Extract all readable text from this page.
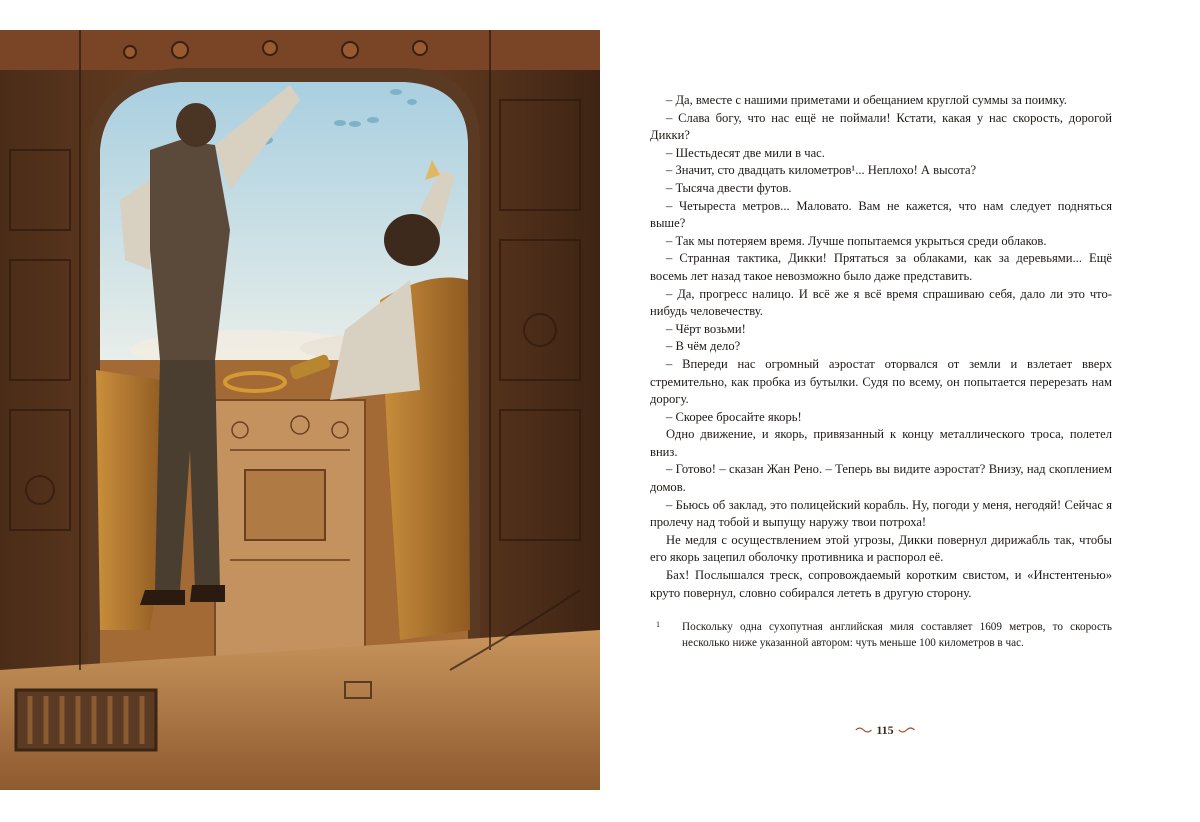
– Да, вместе с нашими приметами и обещанием круглой суммы за поимку.

– Слава богу, что нас ещё не поймали! Кстати, какая у нас скорость, дорогой Дикки?

– Шестьдесят две мили в час.

– Значит, сто двадцать километров¹... Неплохо! А высота?

– Тысяча двести футов.

– Четыреста метров... Маловато. Вам не кажется, что нам следует подняться выше?

– Так мы потеряем время. Лучше попытаемся укрыться среди облаков.

– Странная тактика, Дикки! Прятаться за облаками, как за деревьями... Ещё восемь лет назад такое невозможно было даже представить.

– Да, прогресс налицо. И всё же я всё время спрашиваю себя, дало ли это что-нибудь человечеству.

– Чёрт возьми!

– В чём дело?

– Впереди нас огромный аэростат оторвался от земли и взлетает вверх стремительно, как пробка из бутылки. Судя по всему, он попытается перерезать нам дорогу.

– Скорее бросайте якорь!

Одно движение, и якорь, привязанный к концу металлического троса, полетел вниз.

– Готово! – сказан Жан Рено. – Теперь вы видите аэростат? Внизу, над скоплением домов.

– Бьюсь об заклад, это полицейский корабль. Ну, погоди у меня, негодяй! Сейчас я пролечу над тобой и выпущу наружу твои потроха!

Не медля с осуществлением этой угрозы, Дикки повернул дирижабль так, чтобы его якорь зацепил оболочку противника и распорол её.

Бах! Послышался треск, сопровождаемый коротким свистом, и «Инстентенью» круто повернул, словно собирался лететь в другую сторону.

1 Поскольку одна сухопутная английская миля составляет 1609 метров, то скорость несколько ниже указанной автором: чуть меньше 100 километров в час.

115
